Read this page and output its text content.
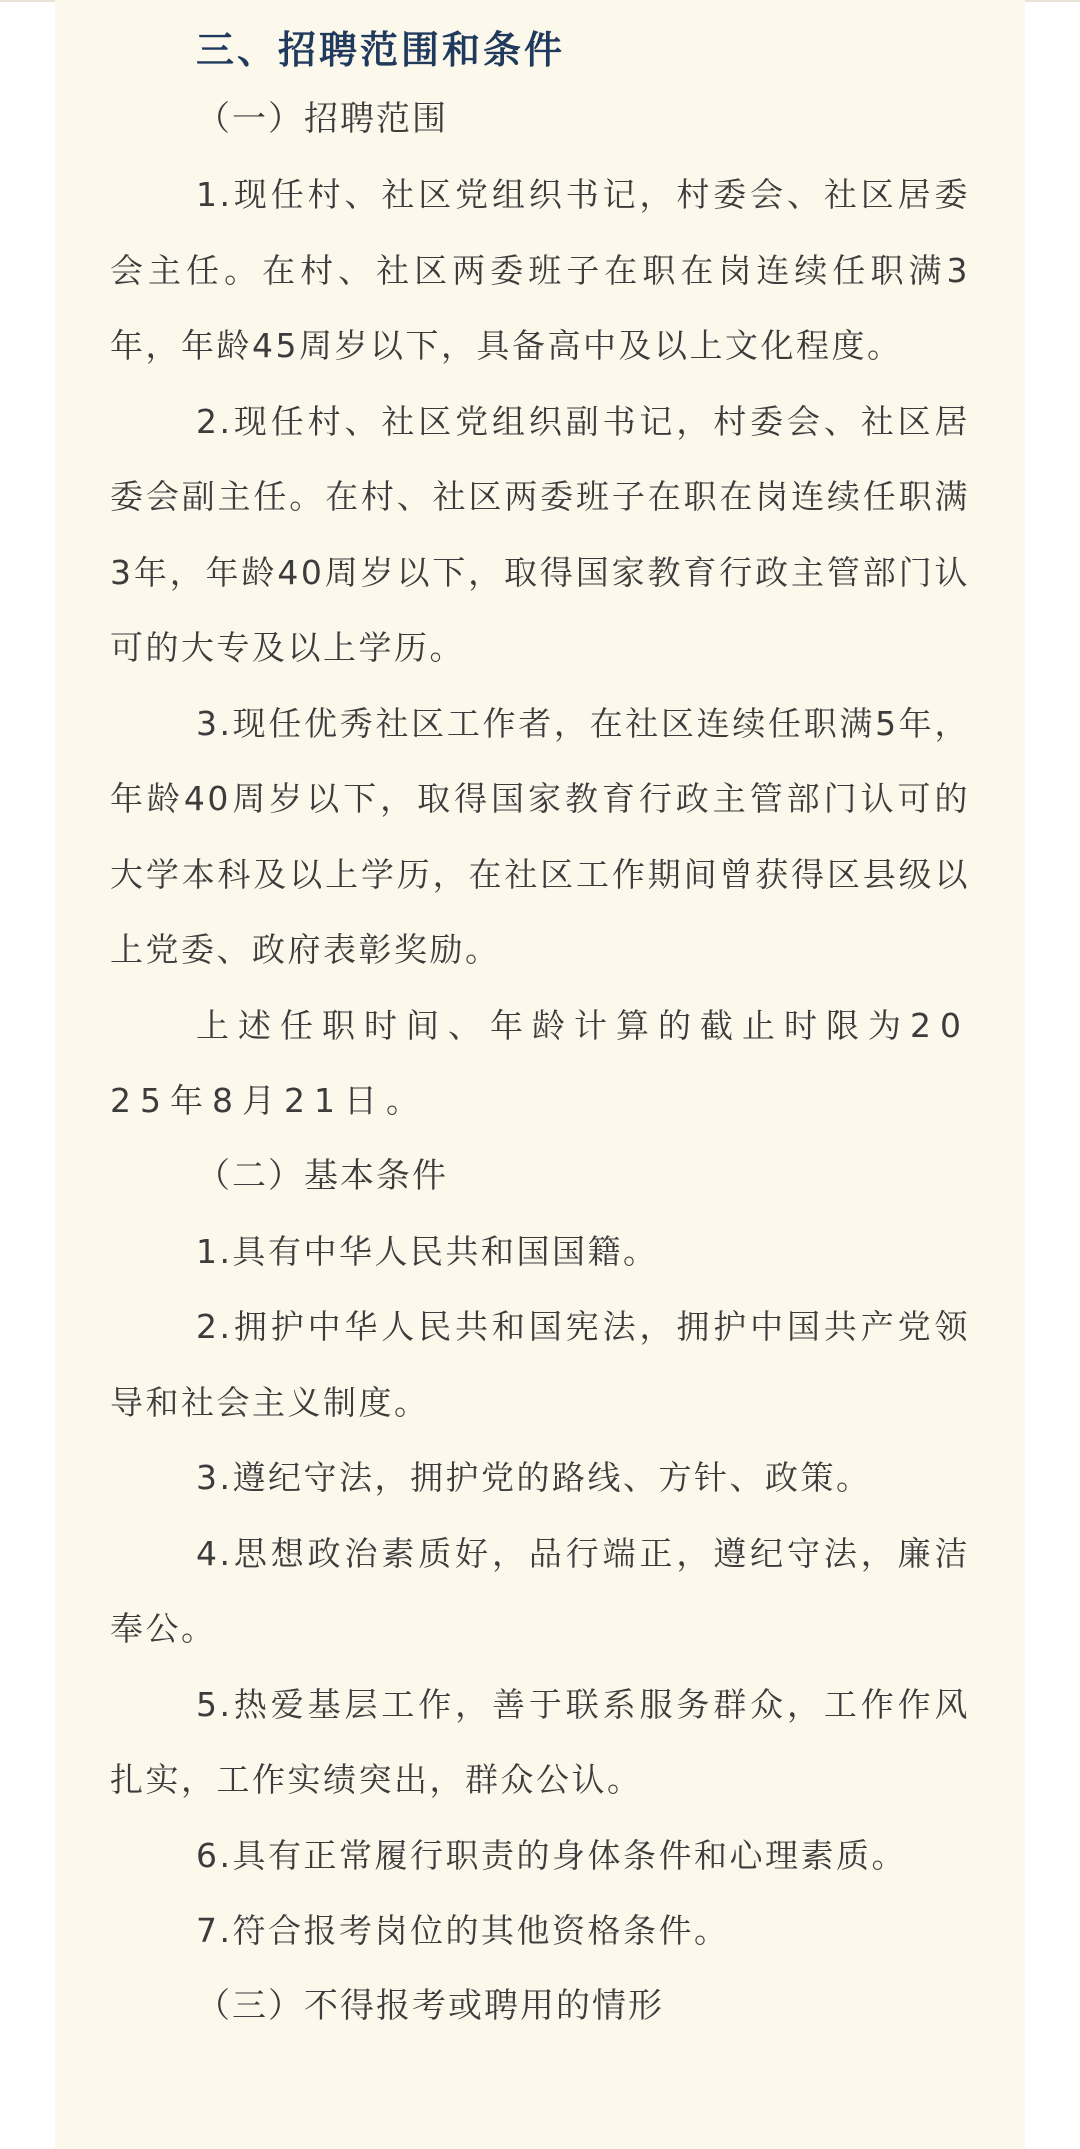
三、招聘范围和条件
（一）招聘范围

1.现任村、社区党组织书记，村委会、社区居委会主任。在村、社区两委班子在职在岗连续任职满3年，年龄45周岁以下，具备高中及以上文化程度。

2.现任村、社区党组织副书记，村委会、社区居委会副主任。在村、社区两委班子在职在岗连续任职满3年，年龄40周岁以下，取得国家教育行政主管部门认可的大专及以上学历。

3.现任优秀社区工作者，在社区连续任职满5年，年龄40周岁以下，取得国家教育行政主管部门认可的大学本科及以上学历，在社区工作期间曾获得区县级以上党委、政府表彰奖励。

上述任职时间、年龄计算的截止时限为2025年8月21日。

（二）基本条件

1.具有中华人民共和国国籍。

2.拥护中华人民共和国宪法，拥护中国共产党领导和社会主义制度。

3.遵纪守法，拥护党的路线、方针、政策。

4.思想政治素质好，品行端正，遵纪守法，廉洁奉公。

5.热爱基层工作，善于联系服务群众，工作作风扎实，工作实绩突出，群众公认。

6.具有正常履行职责的身体条件和心理素质。

7.符合报考岗位的其他资格条件。

（三）不得报考或聘用的情形
